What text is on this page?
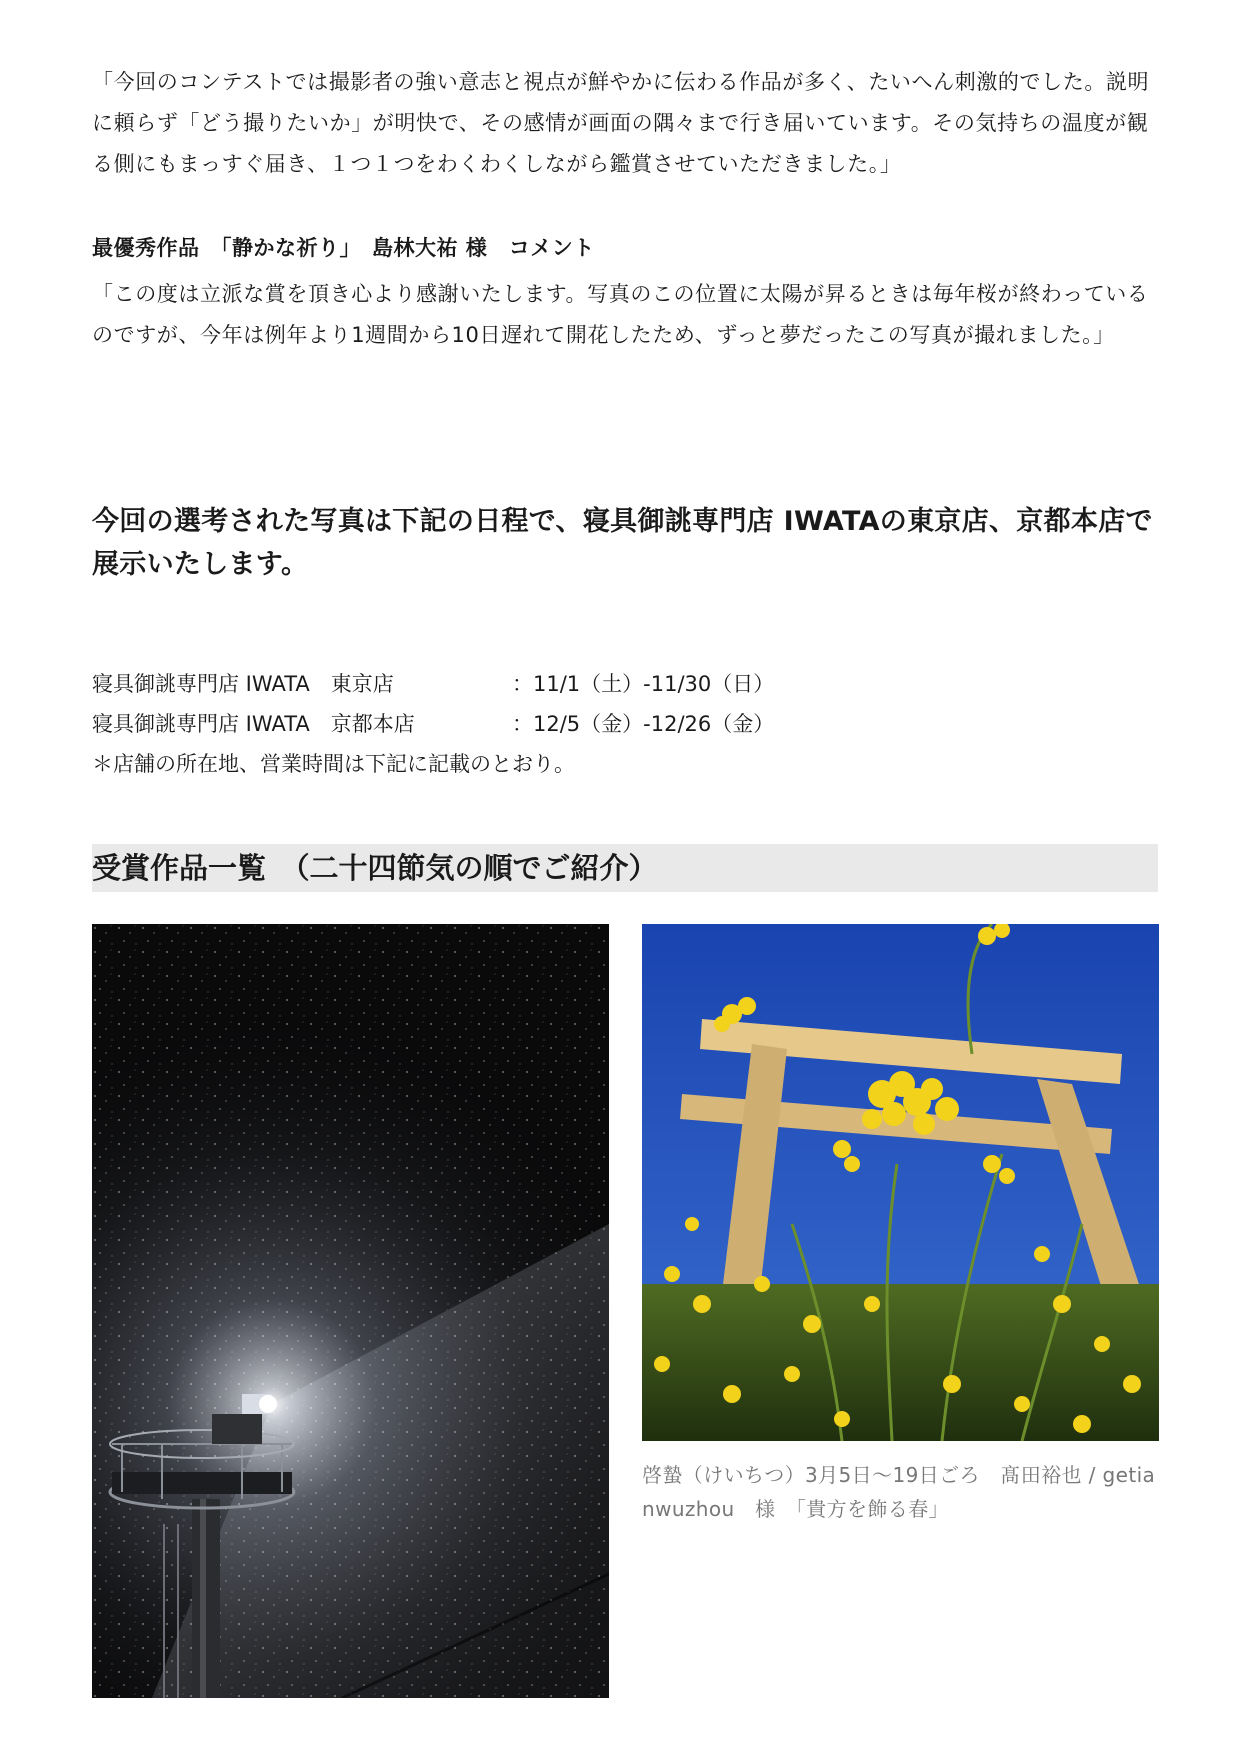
「今回のコンテストでは撮影者の強い意志と視点が鮮やかに伝わる作品が多く、たいへん刺激的でした。説明に頼らず「どう撮りたいか」が明快で、その感情が画面の隅々まで行き届いています。その気持ちの温度が観る側にもまっすぐ届き、１つ１つをわくわくしながら鑑賞させていただきました。」

最優秀作品　「静かな祈り」　島林大祐 様　コメント

「この度は立派な賞を頂き心より感謝いたします。写真のこの位置に太陽が昇るときは毎年桜が終わっているのですが、今年は例年より1週間から10日遅れて開花したため、ずっと夢だったこの写真が撮れました。」

今回の選考された写真は下記の日程で、寝具御誂専門店 IWATAの東京店、京都本店で展示いたします。
寝具御誂専門店 IWATA　東京店	：11/1（土）-11/30（日）
寝具御誂専門店 IWATA　京都本店	：12/5（金）-12/26（金）
＊店舗の所在地、営業時間は下記に記載のとおり。
受賞作品一覧　（二十四節気の順でご紹介）
啓蟄（けいちつ）3月5日〜19日ごろ　髙田裕也 / getianwuzhou　様　「貴方を飾る春」
